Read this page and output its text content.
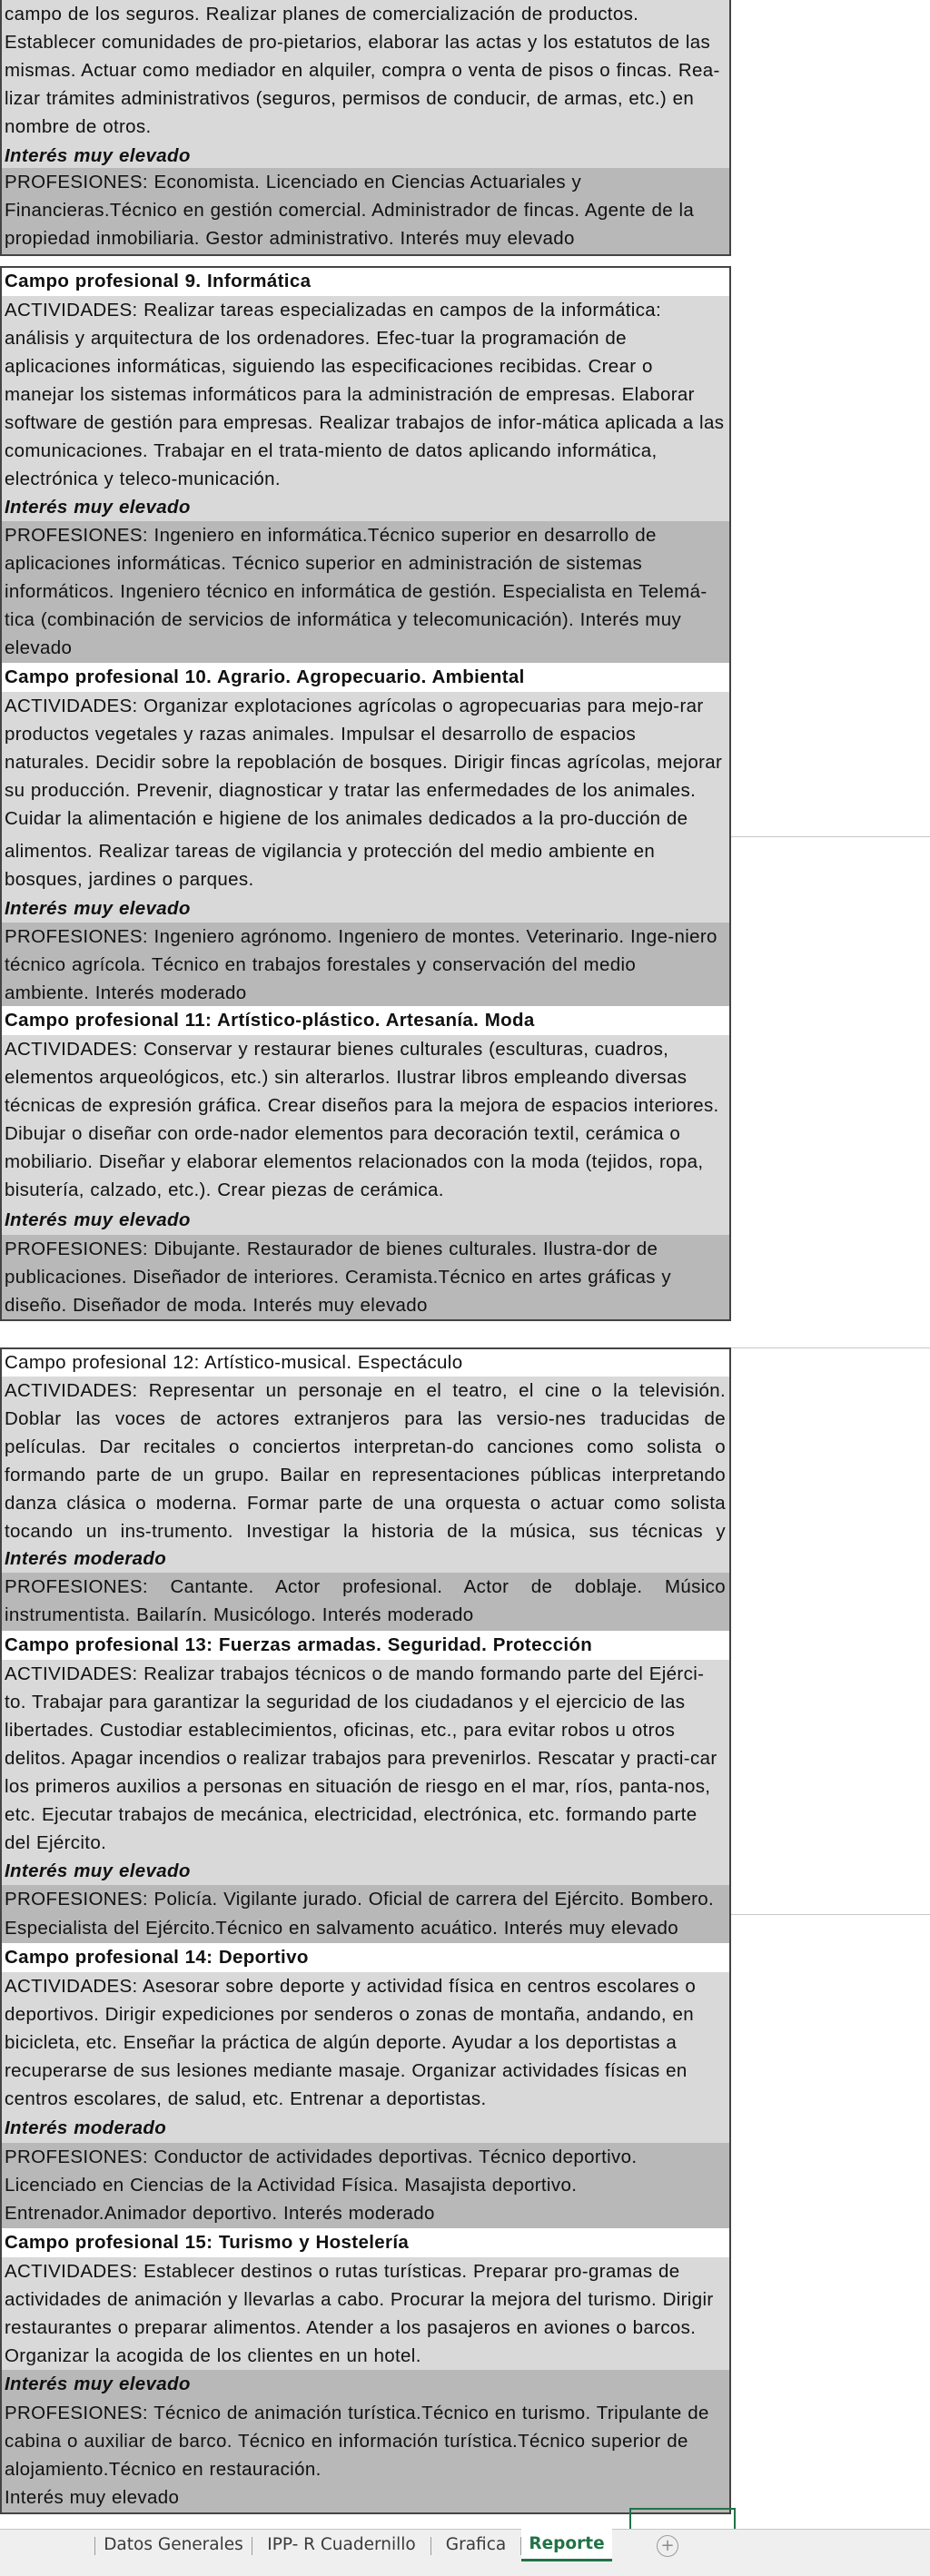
campo de los seguros. Realizar planes de comercialización de productos. Establecer comunidades de pro-pietarios, elaborar las actas y los estatutos de las mismas. Actuar como mediador en alquiler, compra o venta de pisos o fincas. Rea-lizar trámites administrativos (seguros, permisos de conducir, de armas, etc.) en nombre de otros.
Interés muy elevado
PROFESIONES: Economista. Licenciado en Ciencias Actuariales y Financieras.Técnico en gestión comercial. Administrador de fincas. Agente de la propiedad inmobiliaria. Gestor administrativo. Interés muy elevado
Campo profesional 9. Informática
ACTIVIDADES: Realizar tareas especializadas en campos de la informática: análisis y arquitectura de los ordenadores. Efec-tuar la programación de aplicaciones informáticas, siguiendo las especificaciones recibidas. Crear o manejar los sistemas informáticos para la administración de empresas. Elaborar software de gestión para empresas. Realizar trabajos de infor-mática aplicada a las comunicaciones. Trabajar en el trata-miento de datos aplicando informática, electrónica y teleco-municación.
Interés muy elevado
PROFESIONES: Ingeniero en informática.Técnico superior en desarrollo de aplicaciones informáticas. Técnico superior en administración de sistemas informáticos. Ingeniero técnico en informática de gestión. Especialista en Telemá-tica (combinación de servicios de informática y telecomunicación). Interés muy elevado
Campo profesional 10. Agrario. Agropecuario. Ambiental
ACTIVIDADES: Organizar explotaciones agrícolas o agropecuarias para mejo-rar productos vegetales y razas animales. Impulsar el desarrollo de espacios naturales. Decidir sobre la repoblación de bosques. Dirigir fincas agrícolas, mejorar su producción. Prevenir, diagnosticar y tratar las enfermedades de los animales. Cuidar la alimentación e higiene de los animales dedicados a la pro-ducción de
alimentos. Realizar tareas de vigilancia y protección del medio ambiente en bosques, jardines o parques.
Interés muy elevado
PROFESIONES: Ingeniero agrónomo. Ingeniero de montes. Veterinario. Inge-niero técnico agrícola. Técnico en trabajos forestales y conservación del medio ambiente. Interés moderado
Campo profesional 11: Artístico-plástico. Artesanía. Moda
ACTIVIDADES: Conservar y restaurar bienes culturales (esculturas, cuadros, elementos arqueológicos, etc.) sin alterarlos. Ilustrar libros empleando diversas técnicas de expresión gráfica. Crear diseños para la mejora de espacios interiores. Dibujar o diseñar con orde-nador elementos para decoración textil, cerámica o mobiliario. Diseñar y elaborar elementos relacionados con la moda (tejidos, ropa, bisutería, calzado, etc.). Crear piezas de cerámica.
Interés muy elevado
PROFESIONES: Dibujante. Restaurador de bienes culturales. Ilustra-dor de publicaciones. Diseñador de interiores. Ceramista.Técnico en artes gráficas y diseño. Diseñador de moda. Interés muy elevado
Campo profesional 12: Artístico-musical. Espectáculo
ACTIVIDADES: Representar un personaje en el teatro, el cine o la televisión. Doblar las voces de actores extranjeros para las versio-nes traducidas de películas. Dar recitales o conciertos interpretan-do canciones como solista o formando parte de un grupo. Bailar en representaciones públicas interpretando danza clásica o moderna. Formar parte de una orquesta o actuar como solista tocando un ins-trumento. Investigar la historia de la música, sus técnicas y
Interés moderado
PROFESIONES: Cantante. Actor profesional. Actor de doblaje. Músico instrumentista. Bailarín. Musicólogo. Interés moderado
Campo profesional 13: Fuerzas armadas. Seguridad. Protección
ACTIVIDADES: Realizar trabajos técnicos o de mando formando parte del Ejérci-to. Trabajar para garantizar la seguridad de los ciudadanos y el ejercicio de las libertades. Custodiar establecimientos, oficinas, etc., para evitar robos u otros delitos. Apagar incendios o realizar trabajos para prevenirlos. Rescatar y practi-car los primeros auxilios a personas en situación de riesgo en el mar, ríos, panta-nos, etc. Ejecutar trabajos de mecánica, electricidad, electrónica, etc. formando parte del Ejército.
Interés muy elevado
PROFESIONES: Policía. Vigilante jurado. Oficial de carrera del Ejército. Bombero.
Especialista del Ejército.Técnico en salvamento acuático. Interés muy elevado
Campo profesional 14: Deportivo
ACTIVIDADES: Asesorar sobre deporte y actividad física en centros escolares o deportivos. Dirigir expediciones por senderos o zonas de montaña, andando, en bicicleta, etc. Enseñar la práctica de algún deporte. Ayudar a los deportistas a recuperarse de sus lesiones mediante masaje. Organizar actividades físicas en centros escolares, de salud, etc. Entrenar a deportistas.
Interés moderado
PROFESIONES: Conductor de actividades deportivas. Técnico deportivo. Licenciado en Ciencias de la Actividad Física. Masajista deportivo. Entrenador.Animador deportivo. Interés moderado
Campo profesional 15: Turismo y Hostelería
ACTIVIDADES: Establecer destinos o rutas turísticas. Preparar pro-gramas de actividades de animación y llevarlas a cabo. Procurar la mejora del turismo. Dirigir restaurantes o preparar alimentos. Atender a los pasajeros en aviones o barcos. Organizar la acogida de los clientes en un hotel.
Interés muy elevado
PROFESIONES: Técnico de animación turística.Técnico en turismo. Tripulante de cabina o auxiliar de barco. Técnico en información turística.Técnico superior de alojamiento.Técnico en restauración.
Interés muy elevado
Datos Generales	IPP- R Cuadernillo	Grafica	Reporte	+
